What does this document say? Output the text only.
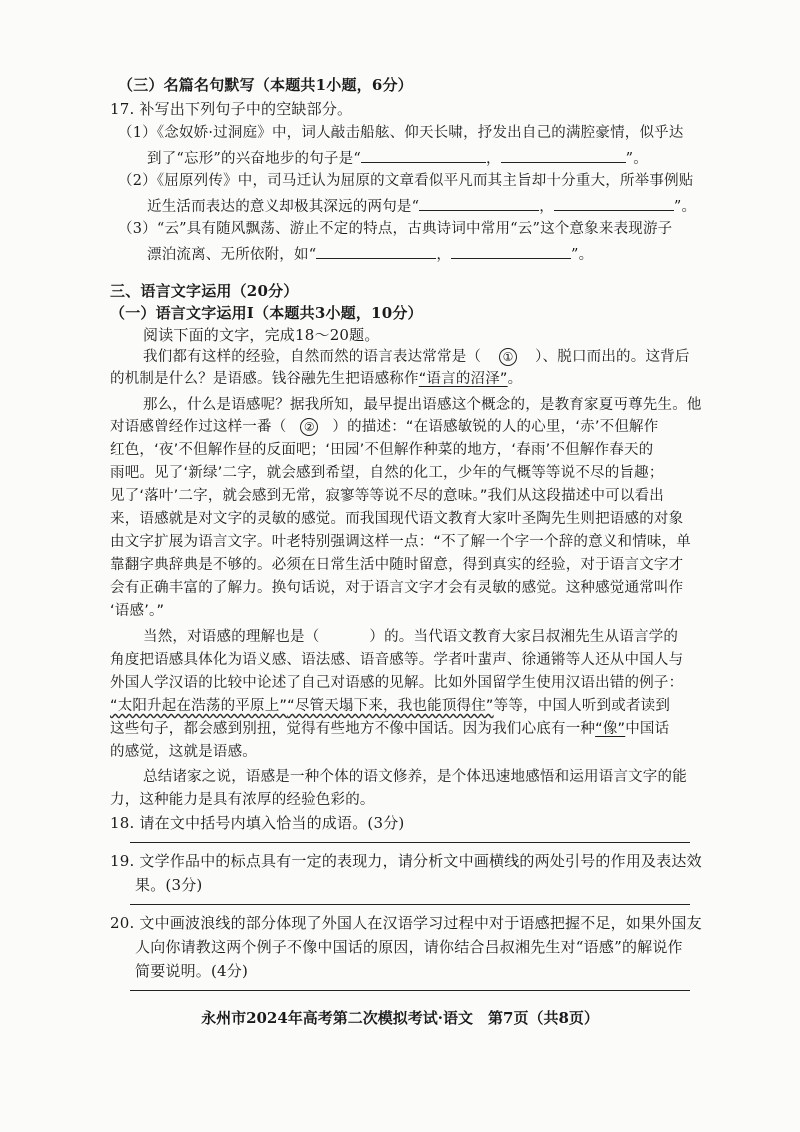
（三）名篇名句默写（本题共1小题，6分）
17. 补写出下列句子中的空缺部分。
（1）《念奴娇·过洞庭》中，词人敲击船舷、仰天长啸，抒发出自己的满腔豪情，似乎达
到了“忘形”的兴奋地步的句子是“	，	”。
（2）《屈原列传》中，司马迁认为屈原的文章看似平凡而其主旨却十分重大，所举事例贴
近生活而表达的意义却极其深远的两句是“	，	”。
（3）“云”具有随风飘荡、游止不定的特点，古典诗词中常用“云”这个意象来表现游子
漂泊流离、无所依附，如“	，	”。
三、语言文字运用（20分）
（一）语言文字运用Ⅰ（本题共3小题，10分）
阅读下面的文字，完成18～20题。
我们都有这样的经验，自然而然的语言表达常常是（ ① ）、脱口而出的。这背后
的机制是什么？是语感。钱谷融先生把语感称作“语言的沼泽”。
那么，什么是语感呢？据我所知，最早提出语感这个概念的，是教育家夏丏尊先生。他
对语感曾经作过这样一番（ ② ）的描述：“在语感敏锐的人的心里，‘赤’不但解作
红色，‘夜’不但解作昼的反面吧；‘田园’不但解作种菜的地方，‘春雨’不但解作春天的
雨吧。见了‘新绿’二字，就会感到希望，自然的化工，少年的气概等等说不尽的旨趣；
见了‘落叶’二字，就会感到无常，寂寥等等说不尽的意味。”我们从这段描述中可以看出
来，语感就是对文字的灵敏的感觉。而我国现代语文教育大家叶圣陶先生则把语感的对象
由文字扩展为语言文字。叶老特别强调这样一点：“不了解一个字一个辞的意义和情味，单
靠翻字典辞典是不够的。必须在日常生活中随时留意，得到真实的经验，对于语言文字才
会有正确丰富的了解力。换句话说，对于语言文字才会有灵敏的感觉。这种感觉通常叫作
‘语感’。”
当然，对语感的理解也是（	）的。当代语文教育大家吕叔湘先生从语言学的
角度把语感具体化为语义感、语法感、语音感等。学者叶蜚声、徐通锵等人还从中国人与
外国人学汉语的比较中论述了自己对语感的见解。比如外国留学生使用汉语出错的例子：
“太阳升起在浩荡的平原上”“尽管天塌下来，我也能顶得住”等等，中国人听到或者读到
这些句子，都会感到别扭，觉得有些地方不像中国话。因为我们心底有一种“像”中国话
的感觉，这就是语感。
总结诸家之说，语感是一种个体的语文修养，是个体迅速地感悟和运用语言文字的能
力，这种能力是具有浓厚的经验色彩的。
18. 请在文中括号内填入恰当的成语。(3分)
19. 文学作品中的标点具有一定的表现力，请分析文中画横线的两处引号的作用及表达效
果。(3分)
20. 文中画波浪线的部分体现了外国人在汉语学习过程中对于语感把握不足，如果外国友
人向你请教这两个例子不像中国话的原因，请你结合吕叔湘先生对“语感”的解说作
简要说明。(4分)
永州市2024年高考第二次模拟考试·语文　第7页（共8页）
